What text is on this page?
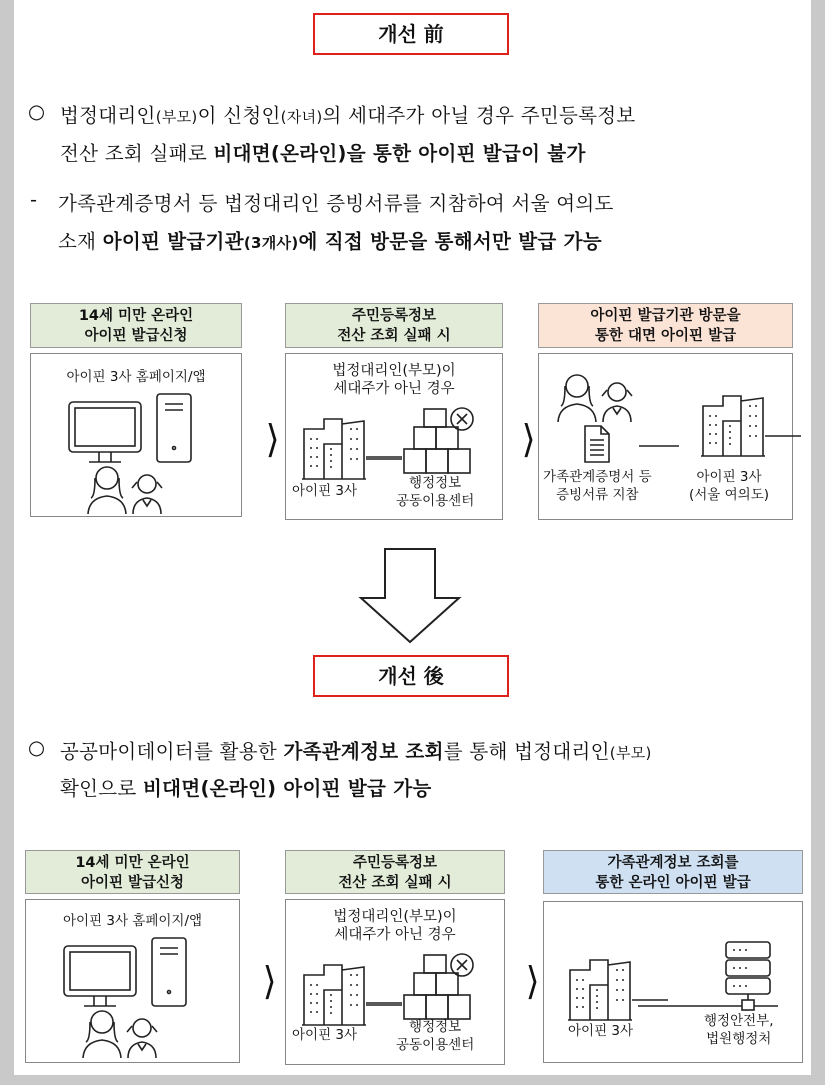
개선 前
○ 법정대리인(부모)이 신청인(자녀)의 세대주가 아닐 경우 주민등록정보
전산 조회 실패로 비대면(온라인)을 통한 아이핀 발급이 불가
- 가족관계증명서 등 법정대리인 증빙서류를 지참하여 서울 여의도
소재 아이핀 발급기관(3개사)에 직접 방문을 통해서만 발급 가능
14세 미만 온라인
아이핀 발급신청
아이핀 3사 홈페이지/앱
❭
주민등록정보
전산 조회 실패 시
법정대리인(부모)이
세대주가 아닌 경우
아이핀 3사	행정정보
공동이용센터
❭
아이핀 발급기관 방문을
통한 대면 아이핀 발급
가족관계증명서 등
증빙서류 지참
아이핀 3사
(서울 여의도)
개선 後
○ 공공마이데이터를 활용한 가족관계정보 조회를 통해 법정대리인(부모)
확인으로 비대면(온라인) 아이핀 발급 가능
14세 미만 온라인
아이핀 발급신청
아이핀 3사 홈페이지/앱
❭
주민등록정보
전산 조회 실패 시
법정대리인(부모)이
세대주가 아닌 경우
아이핀 3사	행정정보
공동이용센터
❭
가족관계정보 조회를
통한 온라인 아이핀 발급
아이핀 3사
행정안전부,
법원행정처
